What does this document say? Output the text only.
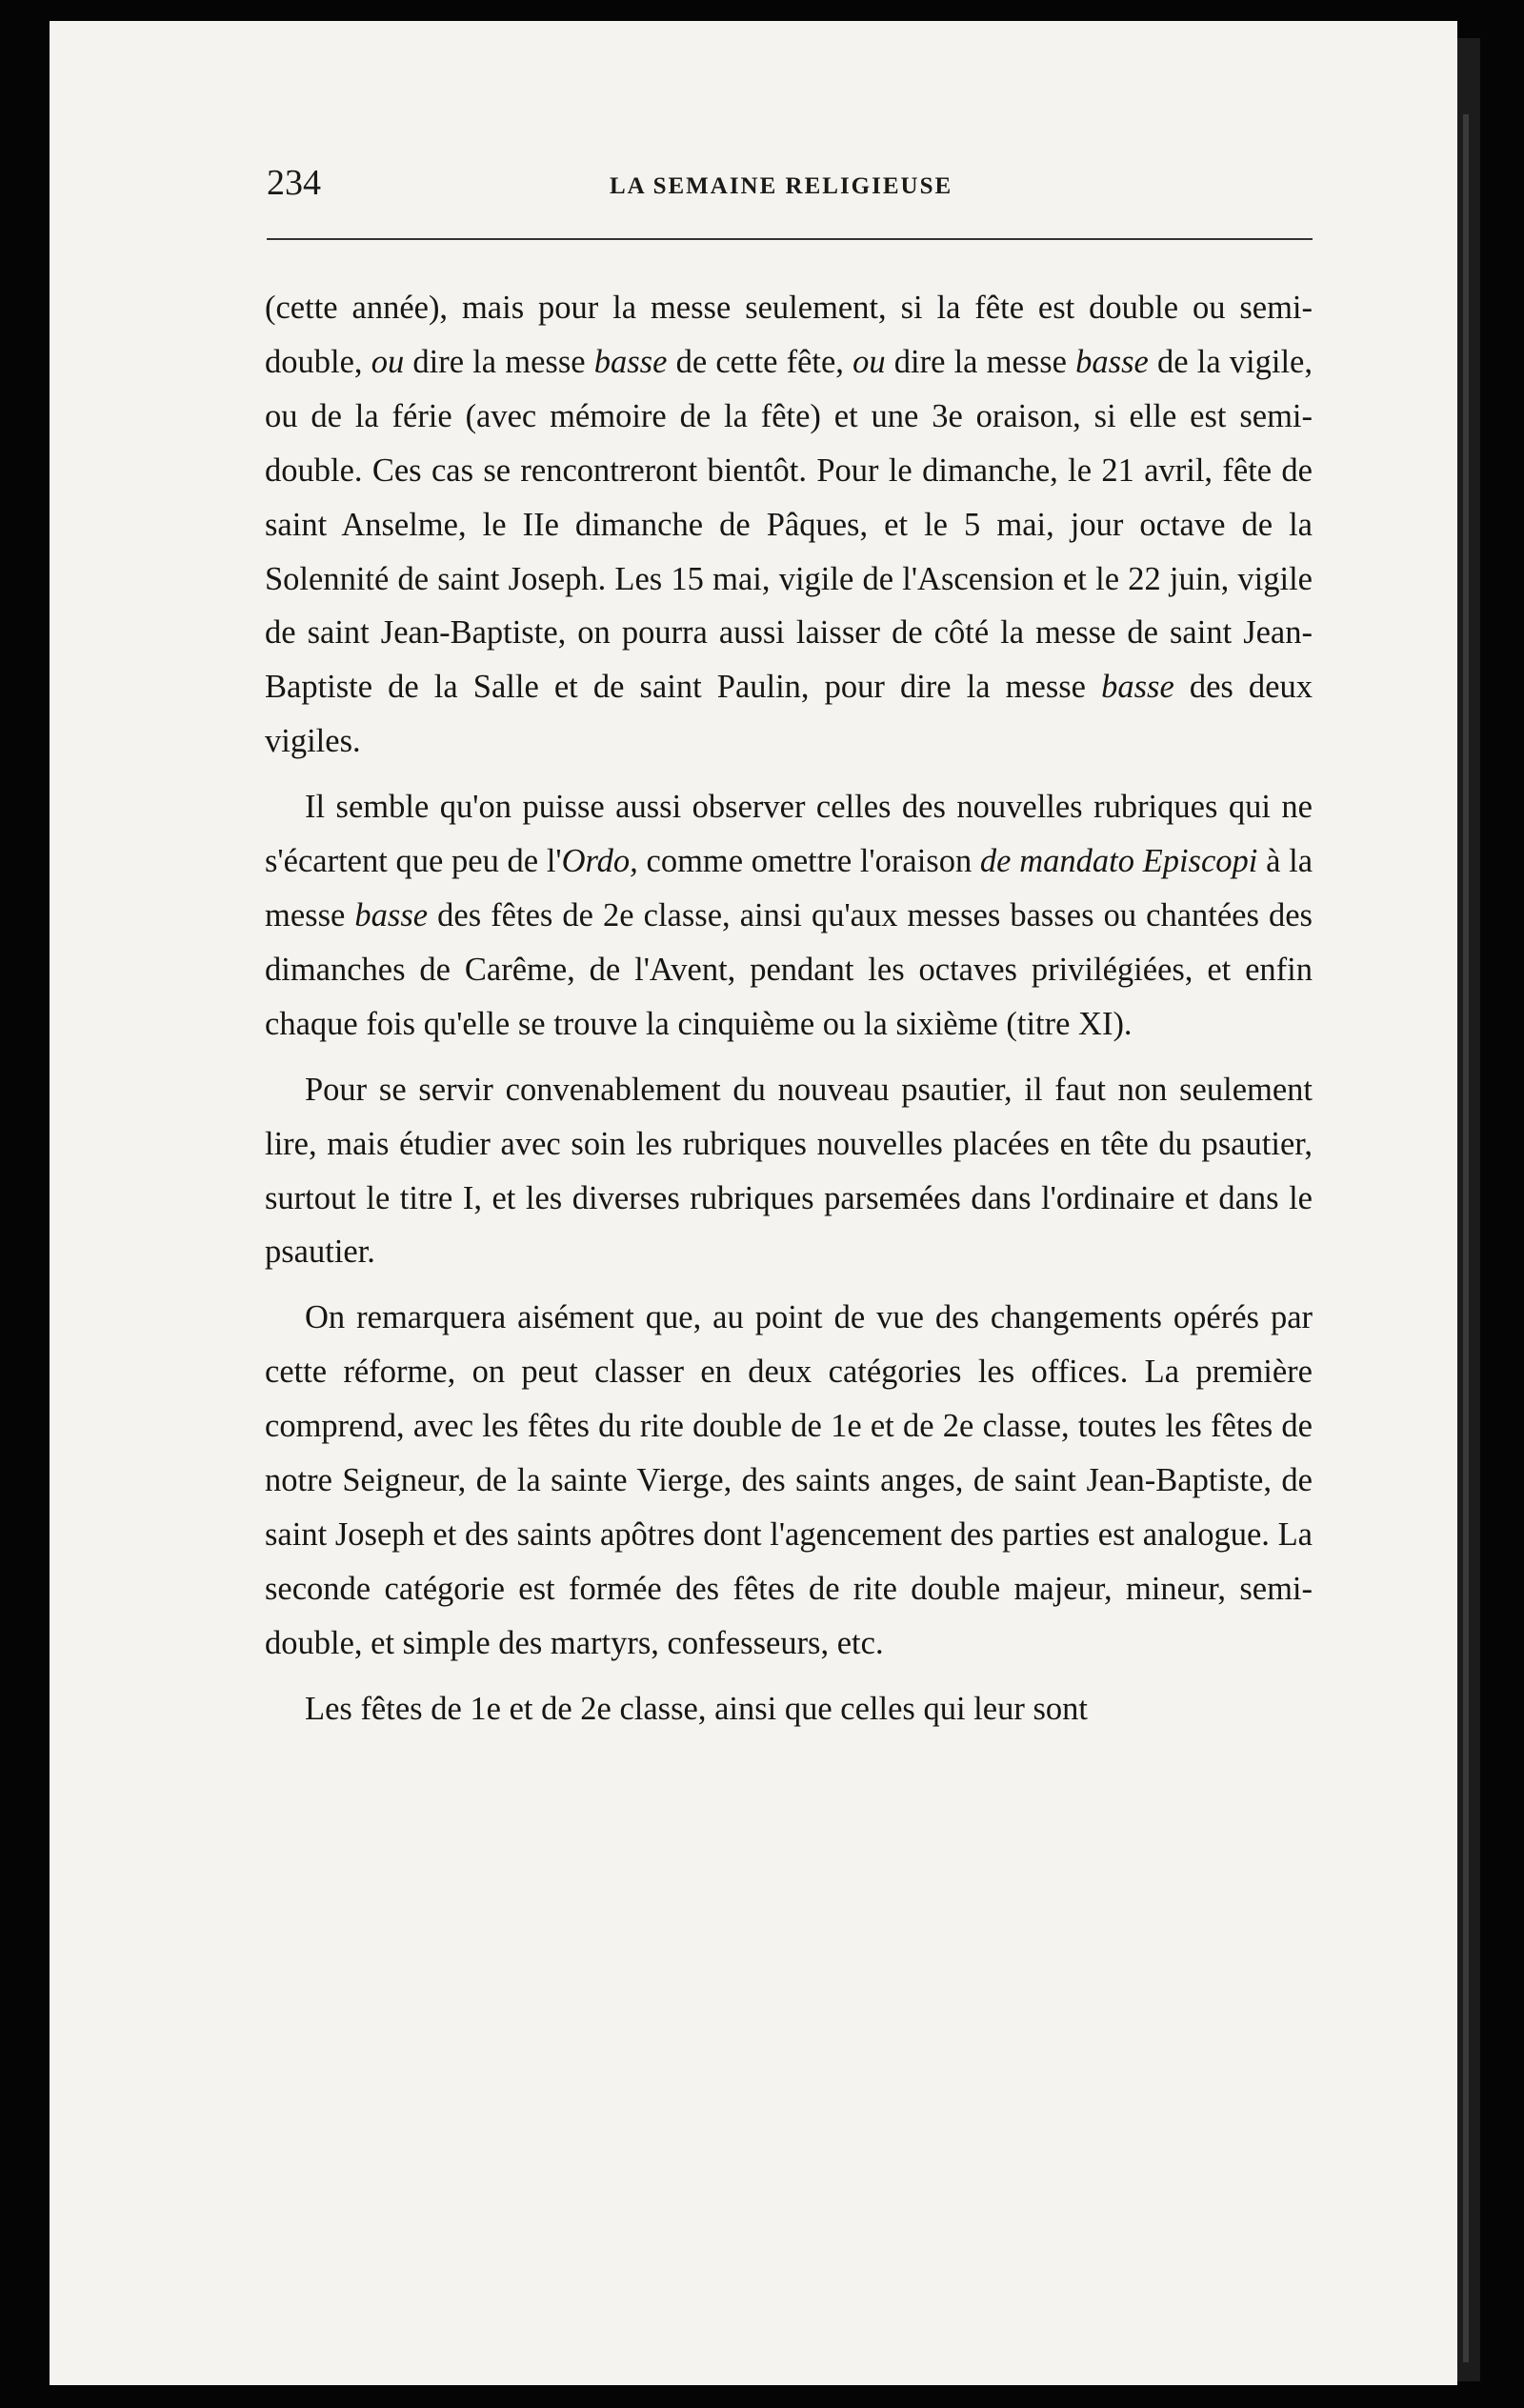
234	LA SEMAINE RELIGIEUSE

(cette année), mais pour la messe seulement, si la fête est double ou semi-double, ou dire la messe basse de cette fête, ou dire la messe basse de la vigile, ou de la férie (avec mémoire de la fête) et une 3e oraison, si elle est semi-double. Ces cas se rencontreront bientôt. Pour le dimanche, le 21 avril, fête de saint Anselme, le IIe dimanche de Pâques, et le 5 mai, jour octave de la Solennité de saint Joseph. Les 15 mai, vigile de l'Ascension et le 22 juin, vigile de saint Jean-Baptiste, on pourra aussi laisser de côté la messe de saint Jean-Baptiste de la Salle et de saint Paulin, pour dire la messe basse des deux vigiles.

Il semble qu'on puisse aussi observer celles des nouvelles rubriques qui ne s'écartent que peu de l'Ordo, comme omettre l'oraison de mandato Episcopi à la messe basse des fêtes de 2e classe, ainsi qu'aux messes basses ou chantées des dimanches de Carême, de l'Avent, pendant les octaves privilégiées, et enfin chaque fois qu'elle se trouve la cinquième ou la sixième (titre XI).

Pour se servir convenablement du nouveau psautier, il faut non seulement lire, mais étudier avec soin les rubriques nouvelles placées en tête du psautier, surtout le titre I, et les diverses rubriques parsemées dans l'ordinaire et dans le psautier.

On remarquera aisément que, au point de vue des changements opérés par cette réforme, on peut classer en deux catégories les offices. La première comprend, avec les fêtes du rite double de 1e et de 2e classe, toutes les fêtes de notre Seigneur, de la sainte Vierge, des saints anges, de saint Jean-Baptiste, de saint Joseph et des saints apôtres dont l'agencement des parties est analogue. La seconde catégorie est formée des fêtes de rite double majeur, mineur, semi-double, et simple des martyrs, confesseurs, etc.

Les fêtes de 1e et de 2e classe, ainsi que celles qui leur sont
